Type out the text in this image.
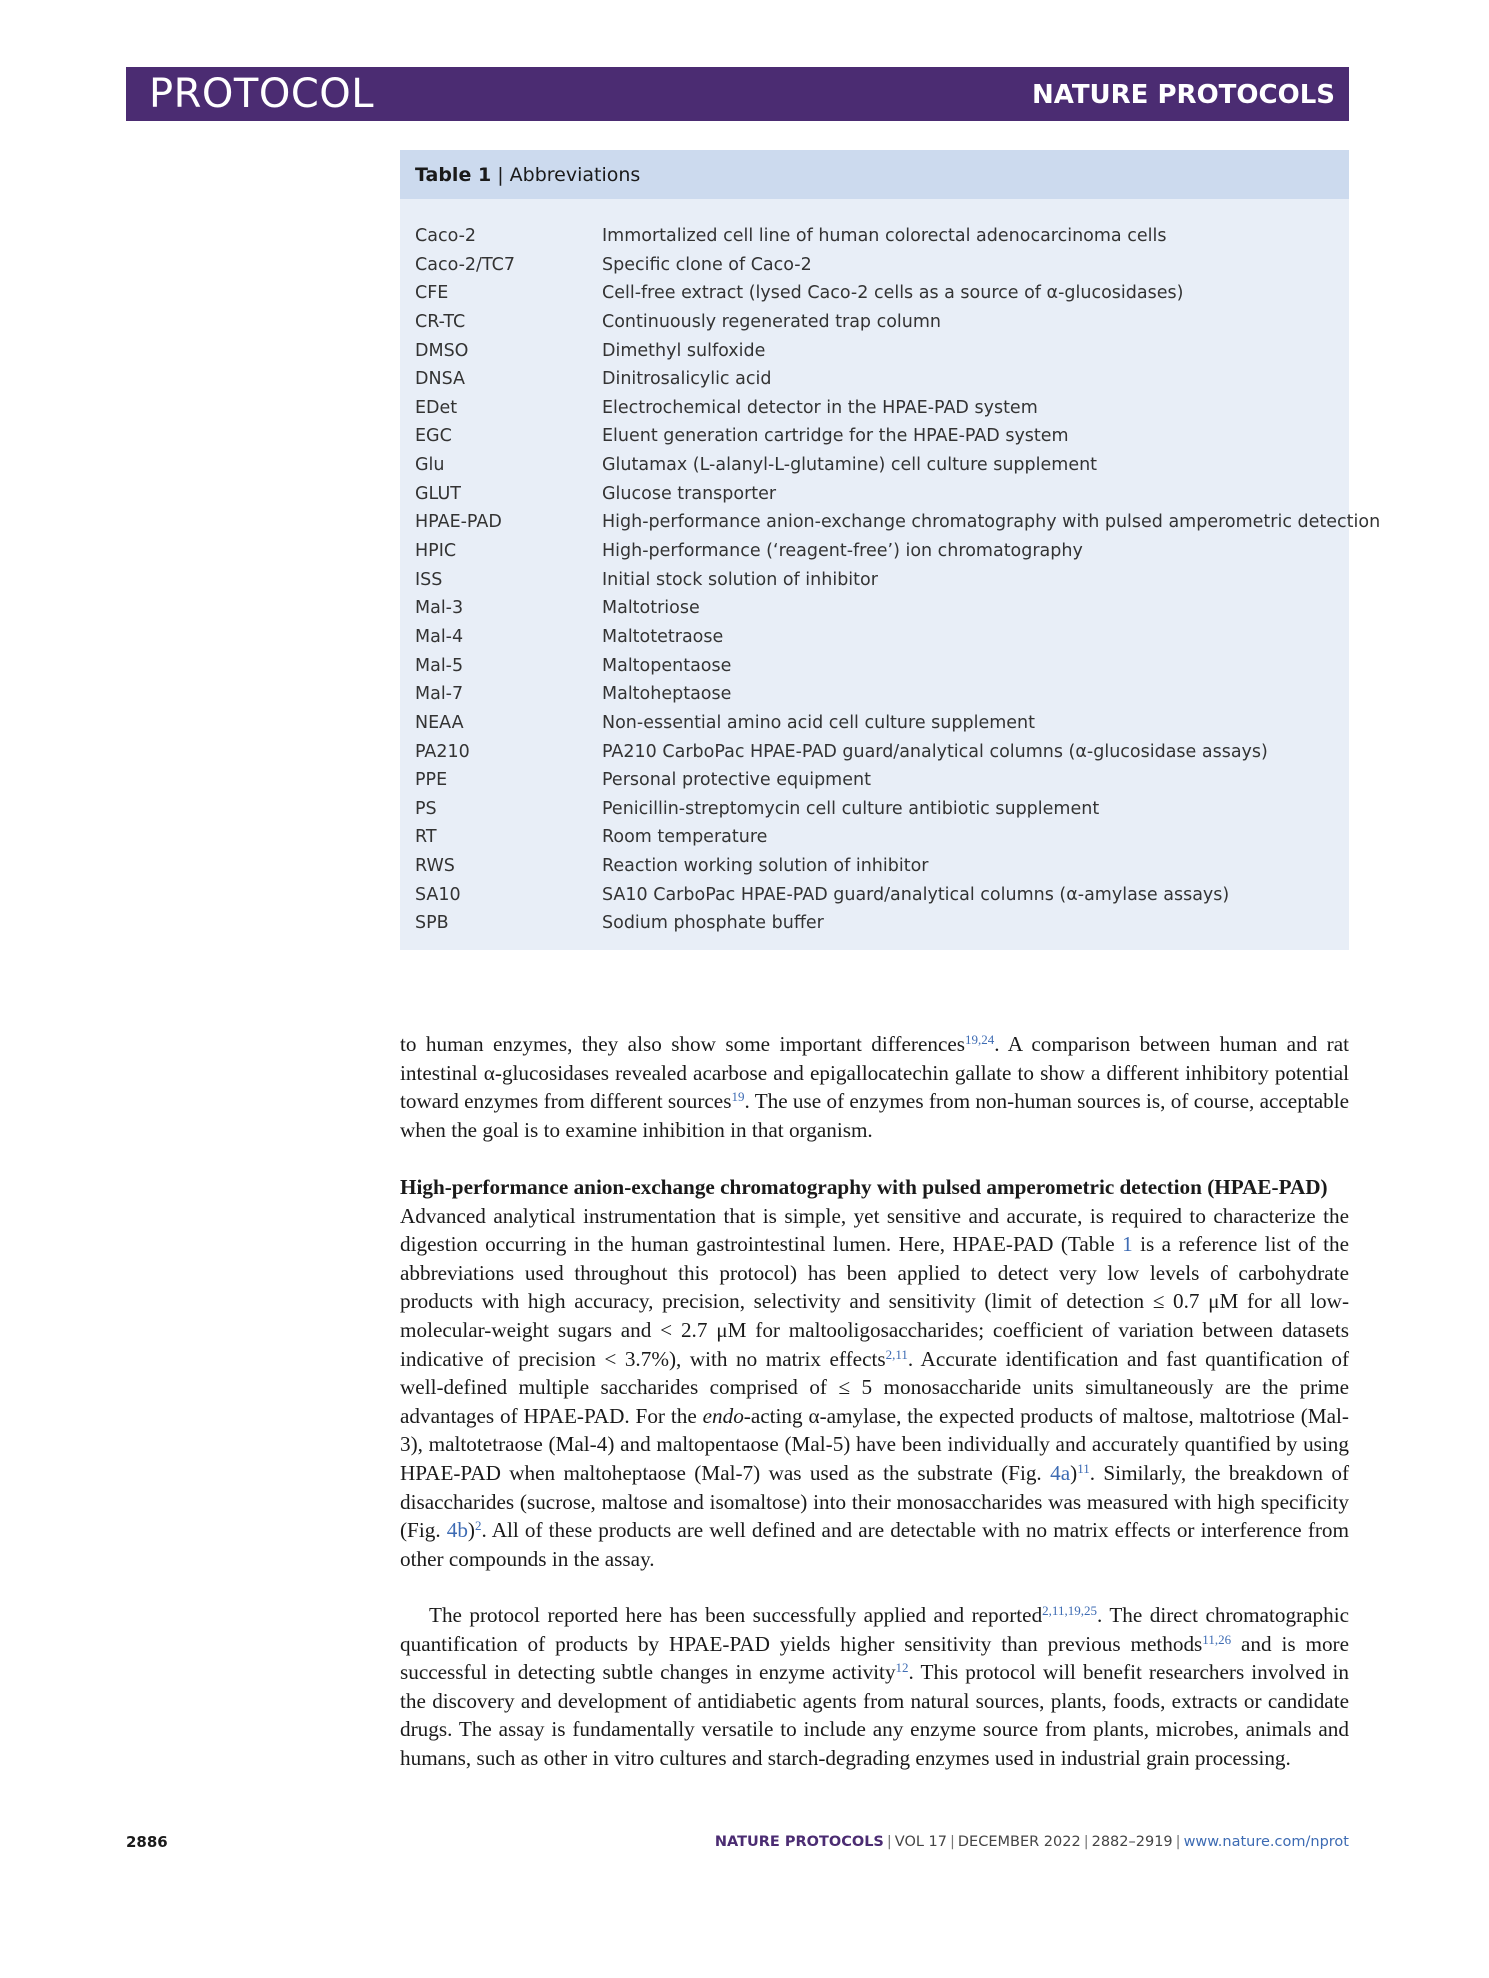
PROTOCOL	NATURE PROTOCOLS
Table 1 | Abbreviations
Caco-2	Immortalized cell line of human colorectal adenocarcinoma cells
Caco-2/TC7	Specific clone of Caco-2
CFE	Cell-free extract (lysed Caco-2 cells as a source of α-glucosidases)
CR-TC	Continuously regenerated trap column
DMSO	Dimethyl sulfoxide
DNSA	Dinitrosalicylic acid
EDet	Electrochemical detector in the HPAE-PAD system
EGC	Eluent generation cartridge for the HPAE-PAD system
Glu	Glutamax (L-alanyl-L-glutamine) cell culture supplement
GLUT	Glucose transporter
HPAE-PAD	High-performance anion-exchange chromatography with pulsed amperometric detection
HPIC	High-performance (‘reagent-free’) ion chromatography
ISS	Initial stock solution of inhibitor
Mal-3	Maltotriose
Mal-4	Maltotetraose
Mal-5	Maltopentaose
Mal-7	Maltoheptaose
NEAA	Non-essential amino acid cell culture supplement
PA210	PA210 CarboPac HPAE-PAD guard/analytical columns (α-glucosidase assays)
PPE	Personal protective equipment
PS	Penicillin-streptomycin cell culture antibiotic supplement
RT	Room temperature
RWS	Reaction working solution of inhibitor
SA10	SA10 CarboPac HPAE-PAD guard/analytical columns (α-amylase assays)
SPB	Sodium phosphate buffer

to human enzymes, they also show some important differences$^{19,24}$. A comparison between human and rat intestinal α-glucosidases revealed acarbose and epigallocatechin gallate to show a different inhibitory potential toward enzymes from different sources$^{19}$. The use of enzymes from non-human sources is, of course, acceptable when the goal is to examine inhibition in that organism.

High-performance anion-exchange chromatography with pulsed amperometric detection (HPAE-PAD)
Advanced analytical instrumentation that is simple, yet sensitive and accurate, is required to characterize the digestion occurring in the human gastrointestinal lumen. Here, HPAE-PAD (Table 1 is a reference list of the abbreviations used throughout this protocol) has been applied to detect very low levels of carbohydrate products with high accuracy, precision, selectivity and sensitivity (limit of detection ≤ 0.7 μM for all low-molecular-weight sugars and < 2.7 μM for maltooligosaccharides; coefficient of variation between datasets indicative of precision < 3.7%), with no matrix effects$^{2,11}$. Accurate identification and fast quantification of well-defined multiple saccharides comprised of ≤ 5 monosaccharide units simultaneously are the prime advantages of HPAE-PAD. For the endo-acting α-amylase, the expected products of maltose, maltotriose (Mal-3), maltotetraose (Mal-4) and maltopentaose (Mal-5) have been individually and accurately quantified by using HPAE-PAD when maltoheptaose (Mal-7) was used as the substrate (Fig. 4a)$^{11}$. Similarly, the breakdown of disaccharides (sucrose, maltose and isomaltose) into their monosaccharides was measured with high specificity (Fig. 4b)$^2$. All of these products are well defined and are detectable with no matrix effects or interference from other compounds in the assay.

The protocol reported here has been successfully applied and reported$^{2,11,19,25}$. The direct chromatographic quantification of products by HPAE-PAD yields higher sensitivity than previous methods$^{11,26}$ and is more successful in detecting subtle changes in enzyme activity$^{12}$. This protocol will benefit researchers involved in the discovery and development of antidiabetic agents from natural sources, plants, foods, extracts or candidate drugs. The assay is fundamentally versatile to include any enzyme source from plants, microbes, animals and humans, such as other in vitro cultures and starch-degrading enzymes used in industrial grain processing.

2886	NATURE PROTOCOLS | VOL 17 | DECEMBER 2022 | 2882–2919 | www.nature.com/nprot
